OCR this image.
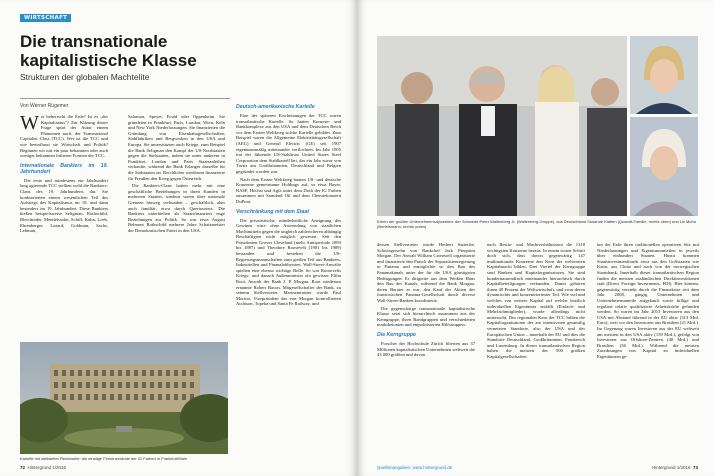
WIRTSCHAFT
Die transnationale kapitalistische Klasse
Strukturen der globalen Machtelite
Von Werner Rügemer
W er beherrscht die Erde? Ist es „der Kapitalismus"? Zur Klärung dieser Frage spürt der Autor einem Phänomen nach: der Transnational Capitalist Class (TCC). Wer ist die TCC und wie beeinflusst sie Wirtschaft und Politik? Beginnen wir mit ein paar bekannten oder auch weniger bekannten früheren Formen der TCC.

Internationale Bankiers im 19. Jahrhundert

Die erste und mindestens ein Jahrhundert lang agierende TCC stellten wohl die Bankiers-Clans des 19. Jahrhunderts dar. Sie konkurrierten einem wesentlichen Teil des Aufstiegs des Kapitalismus im 18. und dann besonders im 19. Jahrhundert. Diese Bankiers hießen beispielsweise Seligman, Rothschild, Bleichröder, Mendelssohn, Schiff, Kuhn, Loeb, Ehrenberger, Lazard, Goldman, Sachs, Lehman,

Salomon, Speyer, Fould oder Oppenheim. Sie gründeten in Frankfurt, Paris, London, Wien, Köln und New York Niederlassungen. Sie finanzierten die Gründung von Eisenbahngesellschaften, Stahlfabriken und Bergwerken in den USA und Europa. Sie unterstützten auch Kriege, zum Beispiel die Bank Seligman den Kampf der US-Nordstaaten gegen die Südstaaten, indem sie unter anderem in Frankfurt, London und Paris Staatsanleihen verkaufte, während die Bank Erlanger dasselbe für die Südstaaten tat. Reichlicher wiederum finanzierte für Preußen den Krieg gegen Österreich.

Die Bankiers-Clans hatten mehr mit eine geschäftliche Beziehungen in ihren Kunden in mehreren Staaten, sondern waren über nationale Grenzen hinweg verbunden – geschäftlich, aber auch familiär, etwa durch Quertouriers. Die Bankiers unterhielten als Staatsfinanziers enge Beziehungen zur Politik. So war etwa August Belmont Rothschild mehrere Jahre Schatzmeister der Demokratischen Partei in den USA.

Deutsch-amerikanische Kartelle

Eine der späteren Erscheinungen der TCC waren transatlantische Kartelle. So hatten Konzern- und Bankkomplexe aus den USA und dem Deutschen Reich vor dem Ersten Weltkrieg solche Kartelle gebildet. Zum Beispiel waren die Allgemeine Elektrizitätsgesellschaft (AEG) und General Electric (GE) seit 1907 eigentumsmäßig miteinander verflochten. Im Jahr 1905 trat der führende US-Stahltrust United States Steel Corporation dem Stahlkartell bei, das ein Jahr zuvor von Trusts aus Großbritannien, Deutschland und Belgien gegründet worden war.

Nach dem Ersten Weltkrieg bauten US- und deutsche Konzerne gemeinsame Holdings auf, so etwa Bayer, BASF, Höchst und Agfa unter dem Dach der IG Farben zusammen mit Standard Oil und dem Chemiekonzern DuPont.

Verschränkung mit dem Staat

Die privatistische, minderheitliche Aneignung des Gewinns wäre ohne Anwendung von staatlichen Machtmitteln gegen die ungleich zahlreicheren abhängig Beschäftigten nicht möglich gewesen. Seit den Präsidenten Grover Cleveland (mehr Amtsperiode 1893 bis 1897) und Theodore Roosevelt (1901 bis 1909) bestanden und bestehen die US-Regierungsmannschaften zum großen Teil aus Bankiers, Industriellen und Finanzlobbyisten. Wall-Street-Anwälte spielten eine ebenso wichtige Rolle. So war Roosevelts Kriegs- und danach Außenminister ein gewisser Elihu Root, Anwalt der Bank J. P. Morgan. Root wiederum ernannte Robert Bacon, Mitgesellschafter der Bank, zu seinem Stellvertreter. Marineminister wurde Paul Morton, Vizepräsident der von Morgan kontrollierten Atchison, Topeka und Santa Fe Railway, und

Kartelle mit weltweiter Reichweite: die einstige Firmenzentrale der IG Farben in Frankfurt/Main
72 Hintergrund 1/2016
Erben der großen Unternehmensdynastien: der Schwede Peter Wallenberg Jr. (Wallenberg-Gruppe), aus Deutschland Susanne Klatten (Quandt-Familie, rechts oben) und Liz Mohn (Bertelsmann, rechts unten)

dessen Stellvertreter wurde Herbert Satterlee, Schwiegersohn von Bankchef Jack Pierpoint Morgan. Der Anwalt William Cromwell organisierte und finanzierte den Putsch der Separatistenregierung in Panama und ermöglichte so den Bau des Panamakanals unter der für die USA günstigsten Bedingungen. Er dirigierte aus dem Weißen Haus den Bau des Kanals, während die Bank Morgan, deren Berater er war, den Kauf der Aktien der französischen Panama-Gesellschaft durch diverse Wall-Street-Banken koordinierte.

Die gegenwärtige transnationale kapitalistische Klasse setzt sich hierarchisch zusammen aus der Kerngruppe, ihren Randgruppen und verschiedenen marktbetonten und entpolitisierten Hilfstruppen.

Die Kerngruppe

Forscher der Hochschule Zürich filterten aus 37 Millionen kapitalistischen Unternehmen weltweit die 43 000 größten und davon

nach Besitz- und Machtverhältnissen die 1318 wichtigsten Konzerne heraus. In einem ersten Schritt doch sich, dass davon gegenwärtig 147 multinationale Konzerne den Kern der weltweiten Kapitalmacht bilden. Drei Viertel der Kerngruppe sind Banken und Kapitalorganisatoren. Sie sind hunderttausendfach miteinander hierarchisch durch Kapitalbeteiligungen verbunden. Damit gehören ihnen 40 Prozent der Weltwirtschaft, und zwar deren dynamischer und konzentriertester Teil. Wie viel und welches von weitere Kapital auf welche letztlich individuellen Eigentümer entfällt (Einfach- und Mehrfachmitglieder), wurde allerdings nicht untersucht. Des regionalen Kern der TCC bilden die Kapitalorganisatoren der am intensivsten gesamtlig vernetzten Standorte, also der USA und der Europäischen Union – innerhalb der EU und dies die Standorte Deutschland, Großbritannien, Frankreich und Luxemburg. In dieser transatlantischen Region haben die meisten der 500 größten Kapitalgesellschaften

ten der Erde ihren traditionellen operativen Sitz mit Niederlassungen und Eigentumsanteilen in jeweils über einhundert Staaten. Hinzu kommen Staatsinvestmentfonds etwa aus den Golfstaaten wie Katar, aus China und auch von der norwegischen Staatsbank. Innerhalb dieser transatlantischen Region finden die meisten ausländischen Direktinvestitionen statt (Direct Foreign Investments, FDI). Hier können, gegenwärtig verzieht durch die Finanzkrise seit dem Jahr 2008, gängig Unternehmen und Unternehmensanteile aufgekauft sowie billige und reguliert relativ qualifizierte Arbeitskräfte gefunden werden. So waren im Jahr 2013 Investoren aus den USA mit Abstand führend in der EU aktiv (313 Mrd. Euro), weit vor den Investoren aus Brasilien (21 Mrd.). Im Gegenzug waren Investoren aus der EU weltweit am meisten in den USA aktiv (159 Mrd.), gefolgt von Investoren aus Offshore-Zentren (40 Mrd.) und Brasilien (36 Mrd.). Während die meisten Zuordnungen von Kapital zu individuellen Eigentümern ge-

Quellenangaben: www.hintergrund.de	Hintergrund 1/2016 73
